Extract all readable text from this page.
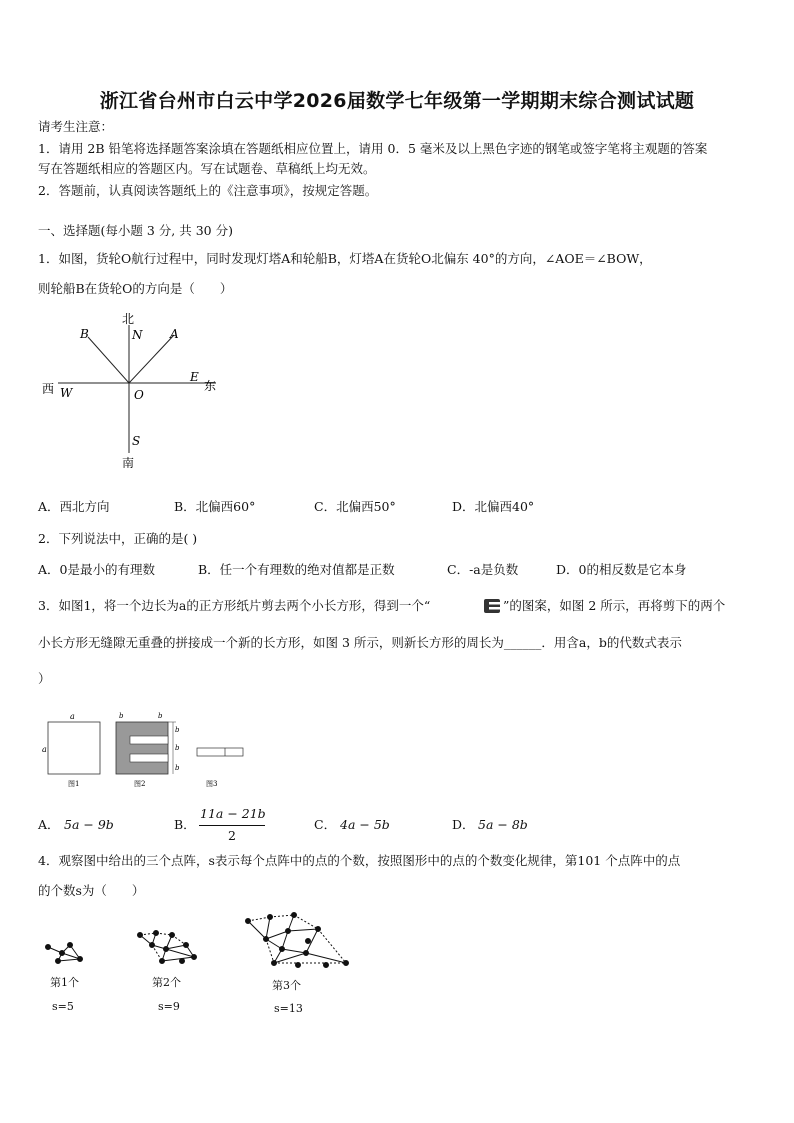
浙江省台州市白云中学2026届数学七年级第一学期期末综合测试试题
请考生注意：
1．请用 2B 铅笔将选择题答案涂填在答题纸相应位置上，请用 0．5 毫米及以上黑色字迹的钢笔或签字笔将主观题的答案
写在答题纸相应的答题区内。写在试题卷、草稿纸上均无效。
2．答题前，认真阅读答题纸上的《注意事项》，按规定答题。
一、选择题(每小题 3 分, 共 30 分)
1．如图，货轮O航行过程中，同时发现灯塔A和轮船B，灯塔A在货轮O北偏东 40°的方向，∠AOE＝∠BOW，
则轮船B在货轮O的方向是（　　）
北
南
西	东
N
S
W
E
O
A
B
A．西北方向	B．北偏西60°	C．北偏西50°	D．北偏西40°
2．下列说法中，正确的是( )
A．0是最小的有理数	B．任一个有理数的绝对值都是正数	C．-a是负数	D．0的相反数是它本身
3．如图1，将一个边长为a的正方形纸片剪去两个小长方形，得到一个“	”的图案，如图 2 所示，再将剪下的两个
小长方形无缝隙无重叠的拼接成一个新的长方形，如图 3 所示，则新长方形的周长为______．用含a，b的代数式表示
）
a
a
图1
b	b
b
b
b
图2	图3
A． 5a − 9b	B．
11a − 21b
2
C． 4a − 5b	D． 5a − 8b
4．观察图中给出的三个点阵，s表示每个点阵中的点的个数，按照图形中的点的个数变化规律，第101 个点阵中的点
的个数s为（　　）
第1个
s=5
第2个
s=9
第3个
s=13
